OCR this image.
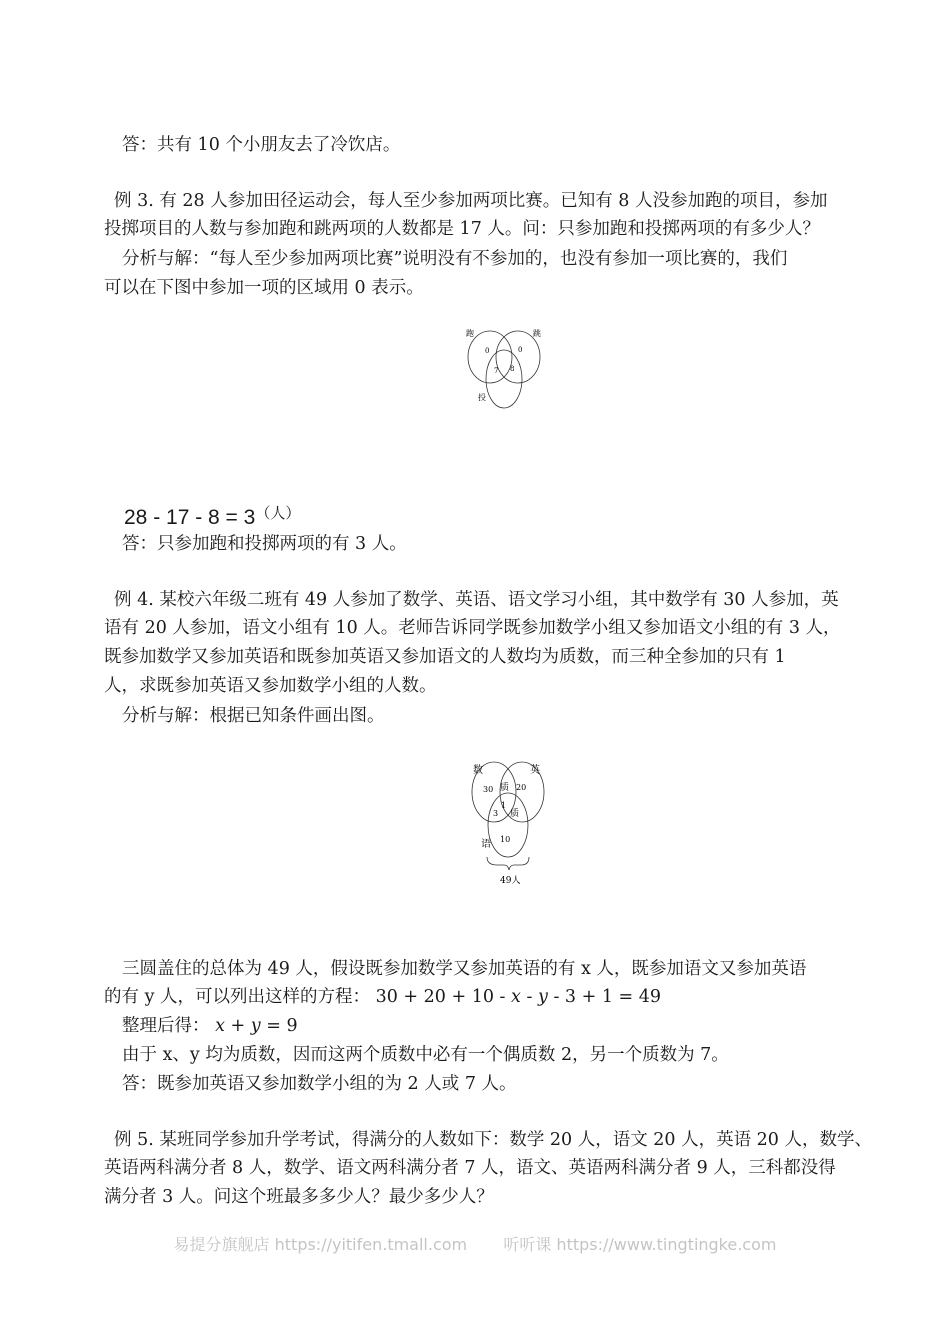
答：共有 10 个小朋友去了冷饮店。
例 3. 有 28 人参加田径运动会，每人至少参加两项比赛。已知有 8 人没参加跑的项目，参加
投掷项目的人数与参加跑和跳两项的人数都是 17 人。问：只参加跑和投掷两项的有多少人？
分析与解：“每人至少参加两项比赛”说明没有不参加的，也没有参加一项比赛的，我们
可以在下图中参加一项的区域用 0 表示。
跑	跳
投
0	0
7 8
$28 - 17 - 8 = 3^{(人)}$
答：只参加跑和投掷两项的有 3 人。
例 4. 某校六年级二班有 49 人参加了数学、英语、语文学习小组，其中数学有 30 人参加，英
语有 20 人参加，语文小组有 10 人。老师告诉同学既参加数学小组又参加语文小组的有 3 人，
既参加数学又参加英语和既参加英语又参加语文的人数均为质数，而三种全参加的只有 1
人，求既参加英语又参加数学小组的人数。
分析与解：根据已知条件画出图。
数	英
语
30 质 20
1
3 质
10
49人
三圆盖住的总体为 49 人，假设既参加数学又参加英语的有 x 人，既参加语文又参加英语
的有 y 人，可以列出这样的方程： 30 + 20 + 10 - x - y - 3 + 1 = 49
整理后得： x + y = 9
由于 x、y 均为质数，因而这两个质数中必有一个偶质数 2，另一个质数为 7。
答：既参加英语又参加数学小组的为 2 人或 7 人。
例 5. 某班同学参加升学考试，得满分的人数如下：数学 20 人，语文 20 人，英语 20 人，数学、
英语两科满分者 8 人，数学、语文两科满分者 7 人，语文、英语两科满分者 9 人，三科都没得
满分者 3 人。问这个班最多多少人？最少多少人？
易提分旗舰店 https://yitifen.tmall.com 听听课 https://www.tingtingke.com
